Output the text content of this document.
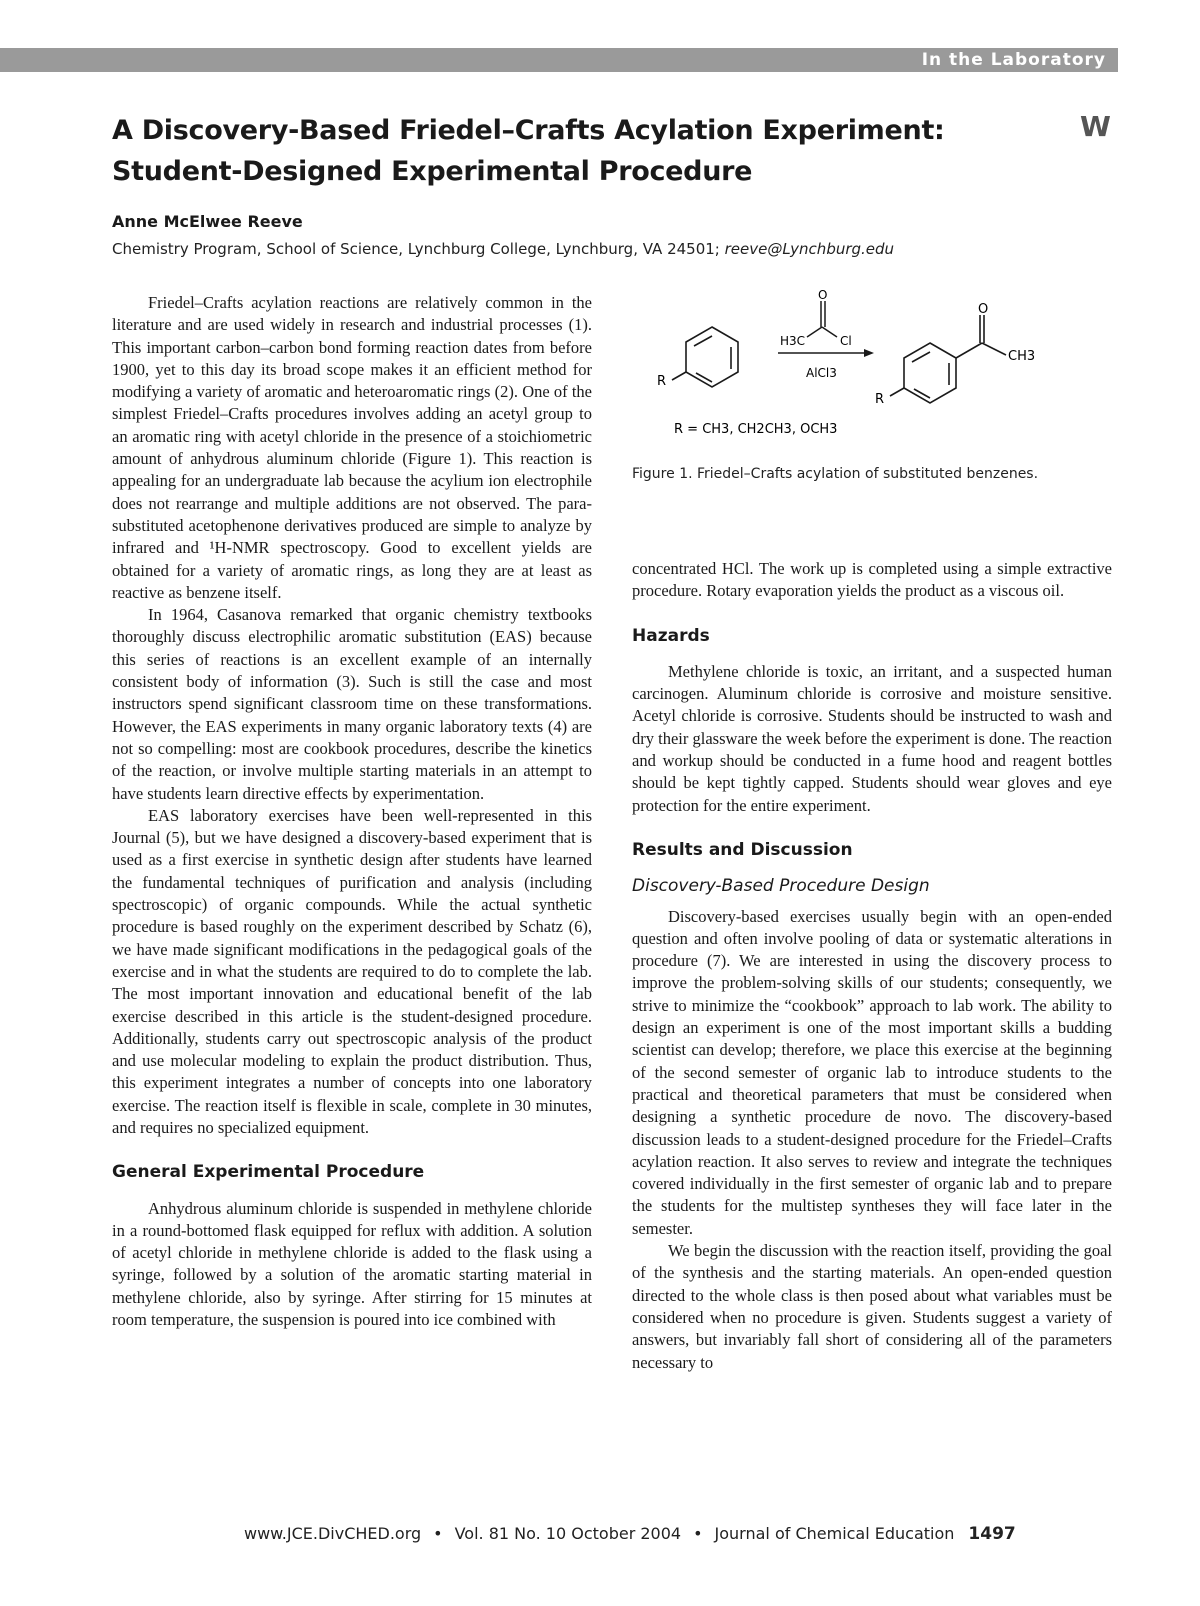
In the Laboratory
A Discovery-Based Friedel–Crafts Acylation Experiment:
Student-Designed Experimental Procedure
W
Anne McElwee Reeve
Chemistry Program, School of Science, Lynchburg College, Lynchburg, VA 24501; reeve@Lynchburg.edu
R
O
H3C	Cl
AlCl3
O
CH3
R
R = CH3, CH2CH3, OCH3
Figure 1. Friedel–Crafts acylation of substituted benzenes.

Friedel–Crafts acylation reactions are relatively common in the literature and are used widely in research and industrial processes (1). This important carbon–carbon bond forming reaction dates from before 1900, yet to this day its broad scope makes it an efficient method for modifying a variety of aromatic and heteroaromatic rings (2). One of the simplest Friedel–Crafts procedures involves adding an acetyl group to an aromatic ring with acetyl chloride in the presence of a stoichiometric amount of anhydrous aluminum chloride (Figure 1). This reaction is appealing for an undergraduate lab because the acylium ion electrophile does not rearrange and multiple additions are not observed. The para-substituted acetophenone derivatives produced are simple to analyze by infrared and ¹H-NMR spectroscopy. Good to excellent yields are obtained for a variety of aromatic rings, as long they are at least as reactive as benzene itself.

In 1964, Casanova remarked that organic chemistry textbooks thoroughly discuss electrophilic aromatic substitution (EAS) because this series of reactions is an excellent example of an internally consistent body of information (3). Such is still the case and most instructors spend significant classroom time on these transformations. However, the EAS experiments in many organic laboratory texts (4) are not so compelling: most are cookbook procedures, describe the kinetics of the reaction, or involve multiple starting materials in an attempt to have students learn directive effects by experimentation.

EAS laboratory exercises have been well-represented in this Journal (5), but we have designed a discovery-based experiment that is used as a first exercise in synthetic design after students have learned the fundamental techniques of purification and analysis (including spectroscopic) of organic compounds. While the actual synthetic procedure is based roughly on the experiment described by Schatz (6), we have made significant modifications in the pedagogical goals of the exercise and in what the students are required to do to complete the lab. The most important innovation and educational benefit of the lab exercise described in this article is the student-designed procedure. Additionally, students carry out spectroscopic analysis of the product and use molecular modeling to explain the product distribution. Thus, this experiment integrates a number of concepts into one laboratory exercise. The reaction itself is flexible in scale, complete in 30 minutes, and requires no specialized equipment.

General Experimental Procedure

Anhydrous aluminum chloride is suspended in methylene chloride in a round-bottomed flask equipped for reflux with addition. A solution of acetyl chloride in methylene chloride is added to the flask using a syringe, followed by a solution of the aromatic starting material in methylene chloride, also by syringe. After stirring for 15 minutes at room temperature, the suspension is poured into ice combined with

concentrated HCl. The work up is completed using a simple extractive procedure. Rotary evaporation yields the product as a viscous oil.

Hazards

Methylene chloride is toxic, an irritant, and a suspected human carcinogen. Aluminum chloride is corrosive and moisture sensitive. Acetyl chloride is corrosive. Students should be instructed to wash and dry their glassware the week before the experiment is done. The reaction and workup should be conducted in a fume hood and reagent bottles should be kept tightly capped. Students should wear gloves and eye protection for the entire experiment.

Results and Discussion
Discovery-Based Procedure Design

Discovery-based exercises usually begin with an open-ended question and often involve pooling of data or systematic alterations in procedure (7). We are interested in using the discovery process to improve the problem-solving skills of our students; consequently, we strive to minimize the “cookbook” approach to lab work. The ability to design an experiment is one of the most important skills a budding scientist can develop; therefore, we place this exercise at the beginning of the second semester of organic lab to introduce students to the practical and theoretical parameters that must be considered when designing a synthetic procedure de novo. The discovery-based discussion leads to a student-designed procedure for the Friedel–Crafts acylation reaction. It also serves to review and integrate the techniques covered individually in the first semester of organic lab and to prepare the students for the multistep syntheses they will face later in the semester.

We begin the discussion with the reaction itself, providing the goal of the synthesis and the starting materials. An open-ended question directed to the whole class is then posed about what variables must be considered when no procedure is given. Students suggest a variety of answers, but invariably fall short of considering all of the parameters necessary to

www.JCE.DivCHED.org • Vol. 81 No. 10 October 2004 • Journal of Chemical Education 1497
